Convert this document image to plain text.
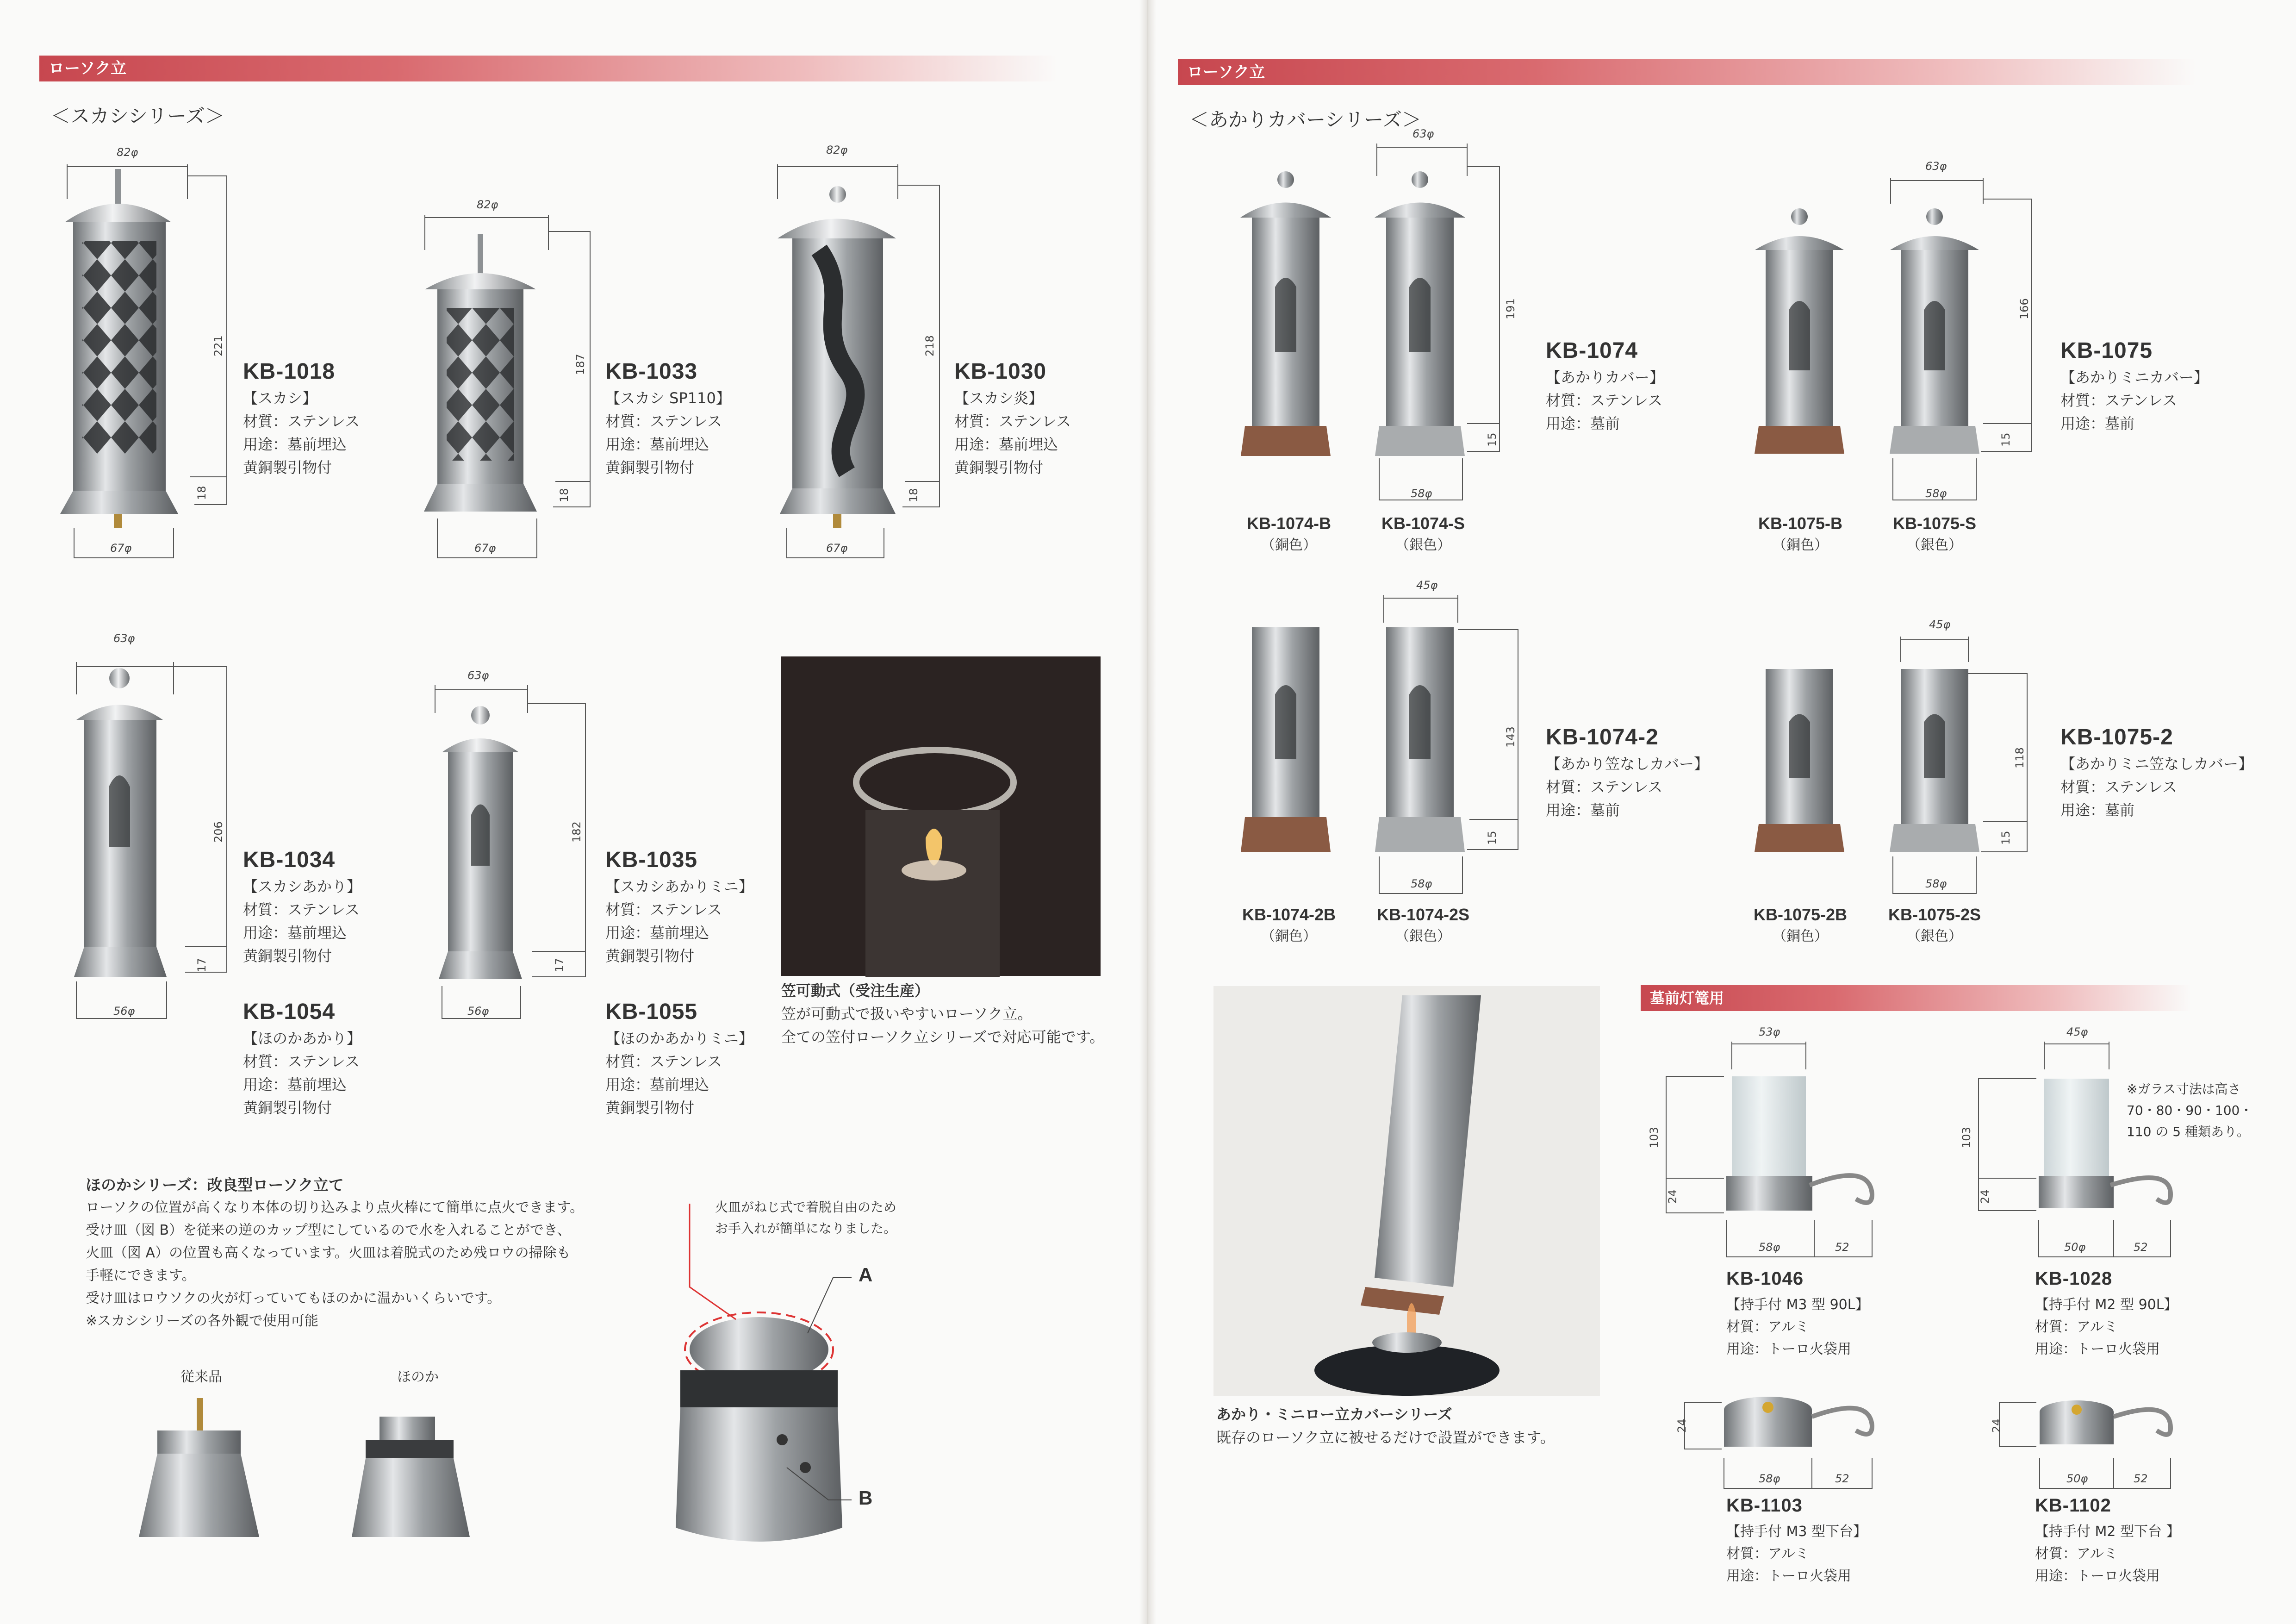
ローソク立
＜スカシシリーズ＞
82φ
221
18
67φ
82φ
187
18
67φ
82φ
218
18
67φ
63φ
206
17
56φ
63φ
182
17
56φ
KB-1018
【スカシ】
材質：ステンレス
用途：墓前埋込
黄銅製引物付
KB-1033
【スカシ SP110】
材質：ステンレス
用途：墓前埋込
黄銅製引物付
KB-1030
【スカシ炎】
材質：ステンレス
用途：墓前埋込
黄銅製引物付
KB-1034
【スカシあかり】
材質：ステンレス
用途：墓前埋込
黄銅製引物付
KB-1035
【スカシあかりミニ】
材質：ステンレス
用途：墓前埋込
黄銅製引物付
KB-1054
【ほのかあかり】
材質：ステンレス
用途：墓前埋込
黄銅製引物付
KB-1055
【ほのかあかりミニ】
材質：ステンレス
用途：墓前埋込
黄銅製引物付
笠可動式（受注生産）
笠が可動式で扱いやすいローソク立。
全ての笠付ローソク立シリーズで対応可能です。
ほのかシリーズ：改良型ローソク立て
ローソクの位置が高くなり本体の切り込みより点火棒にて簡単に点火できます。
受け皿（図 B）を従来の逆のカップ型にしているので水を入れることができ、
火皿（図 A）の位置も高くなっています。火皿は着脱式のため残ロウの掃除も
手軽にできます。
受け皿はロウソクの火が灯っていてもほのかに温かいくらいです。
※スカシシリーズの各外観で使用可能
従来品	ほのか
火皿がねじ式で着脱自由のため
お手入れが簡単になりました。
A
B
ローソク立
＜あかりカバーシリーズ＞
63φ
191
15
58φ
63φ
166
15
58φ
45φ
143
15
58φ
45φ
118
15
58φ
KB-1074
【あかりカバー】
材質：ステンレス
用途：墓前
KB-1075
【あかりミニカバー】
材質：ステンレス
用途：墓前
KB-1074-2
【あかり笠なしカバー】
材質：ステンレス
用途：墓前
KB-1075-2
【あかりミニ笠なしカバー】
材質：ステンレス
用途：墓前
KB-1074-B
（銅色）
KB-1074-S
（銀色）
KB-1075-B
（銅色）
KB-1075-S
（銀色）
KB-1074-2B
（銅色）
KB-1074-2S
（銀色）
KB-1075-2B
（銅色）
KB-1075-2S
（銀色）
あかり・ミニロー立カバーシリーズ
既存のローソク立に被せるだけで設置ができます。
墓前灯篭用
53φ
103
24
58φ	52
45φ
103
24
50φ	52
24
58φ	52
24
50φ	52
KB-1046
【持手付 M3 型 90L】
材質：アルミ
用途：トーロ火袋用
KB-1028
【持手付 M2 型 90L】
材質：アルミ
用途：トーロ火袋用
KB-1103
【持手付 M3 型下台】
材質：アルミ
用途：トーロ火袋用
KB-1102
【持手付 M2 型下台 】
材質：アルミ
用途：トーロ火袋用
※ガラス寸法は高さ
70・80・90・100・
110 の 5 種類あり。
